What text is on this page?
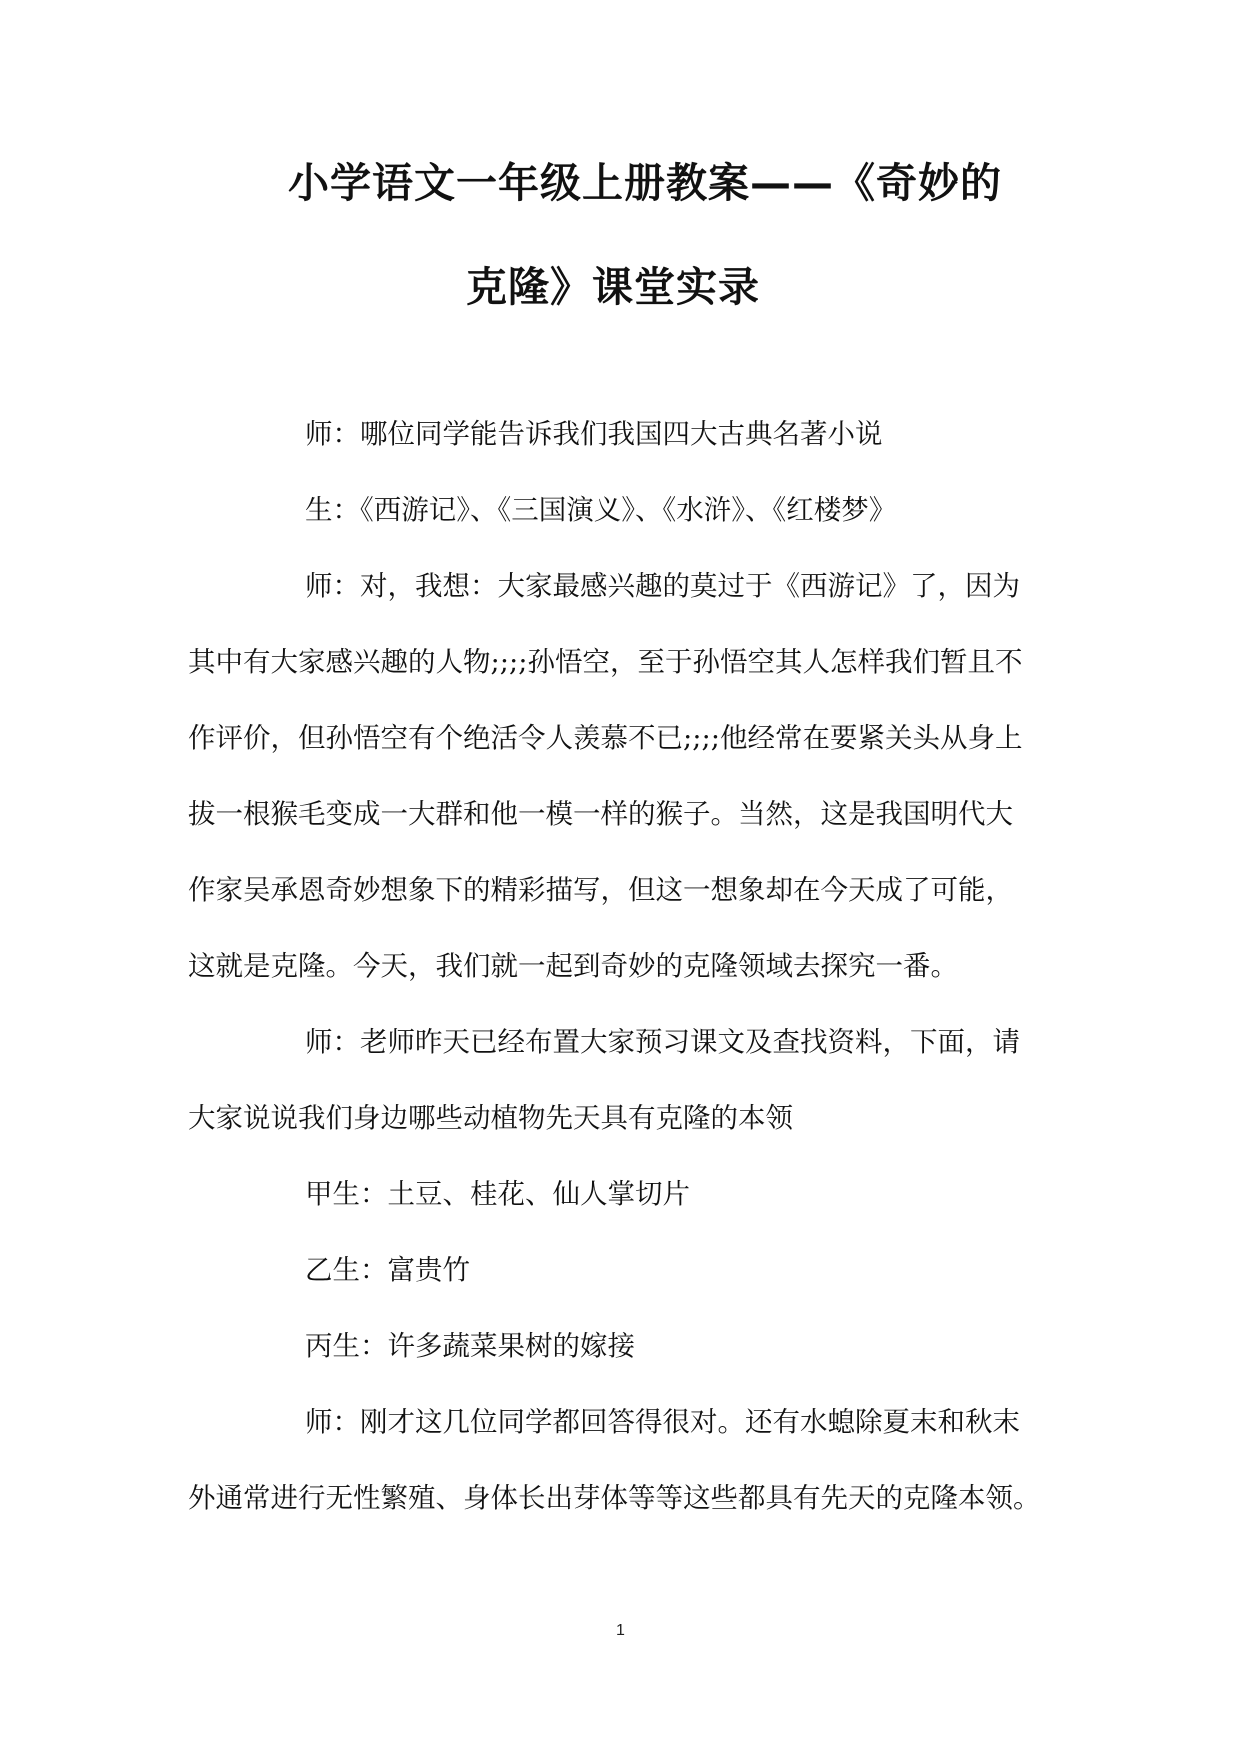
小学语文一年级上册教案——《奇妙的
克隆》课堂实录

师：哪位同学能告诉我们我国四大古典名著小说

生：《西游记》、《三国演义》、《水浒》、《红楼梦》

师：对，我想：大家最感兴趣的莫过于《西游记》了，因为

其中有大家感兴趣的人物;;;;孙悟空，至于孙悟空其人怎样我们暂且不

作评价，但孙悟空有个绝活令人羡慕不已;;;;他经常在要紧关头从身上

拔一根猴毛变成一大群和他一模一样的猴子。当然，这是我国明代大

作家吴承恩奇妙想象下的精彩描写，但这一想象却在今天成了可能，

这就是克隆。今天，我们就一起到奇妙的克隆领域去探究一番。

师：老师昨天已经布置大家预习课文及查找资料，下面，请

大家说说我们身边哪些动植物先天具有克隆的本领

甲生：土豆、桂花、仙人掌切片

乙生：富贵竹

丙生：许多蔬菜果树的嫁接

师：刚才这几位同学都回答得很对。还有水螅除夏末和秋末

外通常进行无性繁殖、身体长出芽体等等这些都具有先天的克隆本领。

1
